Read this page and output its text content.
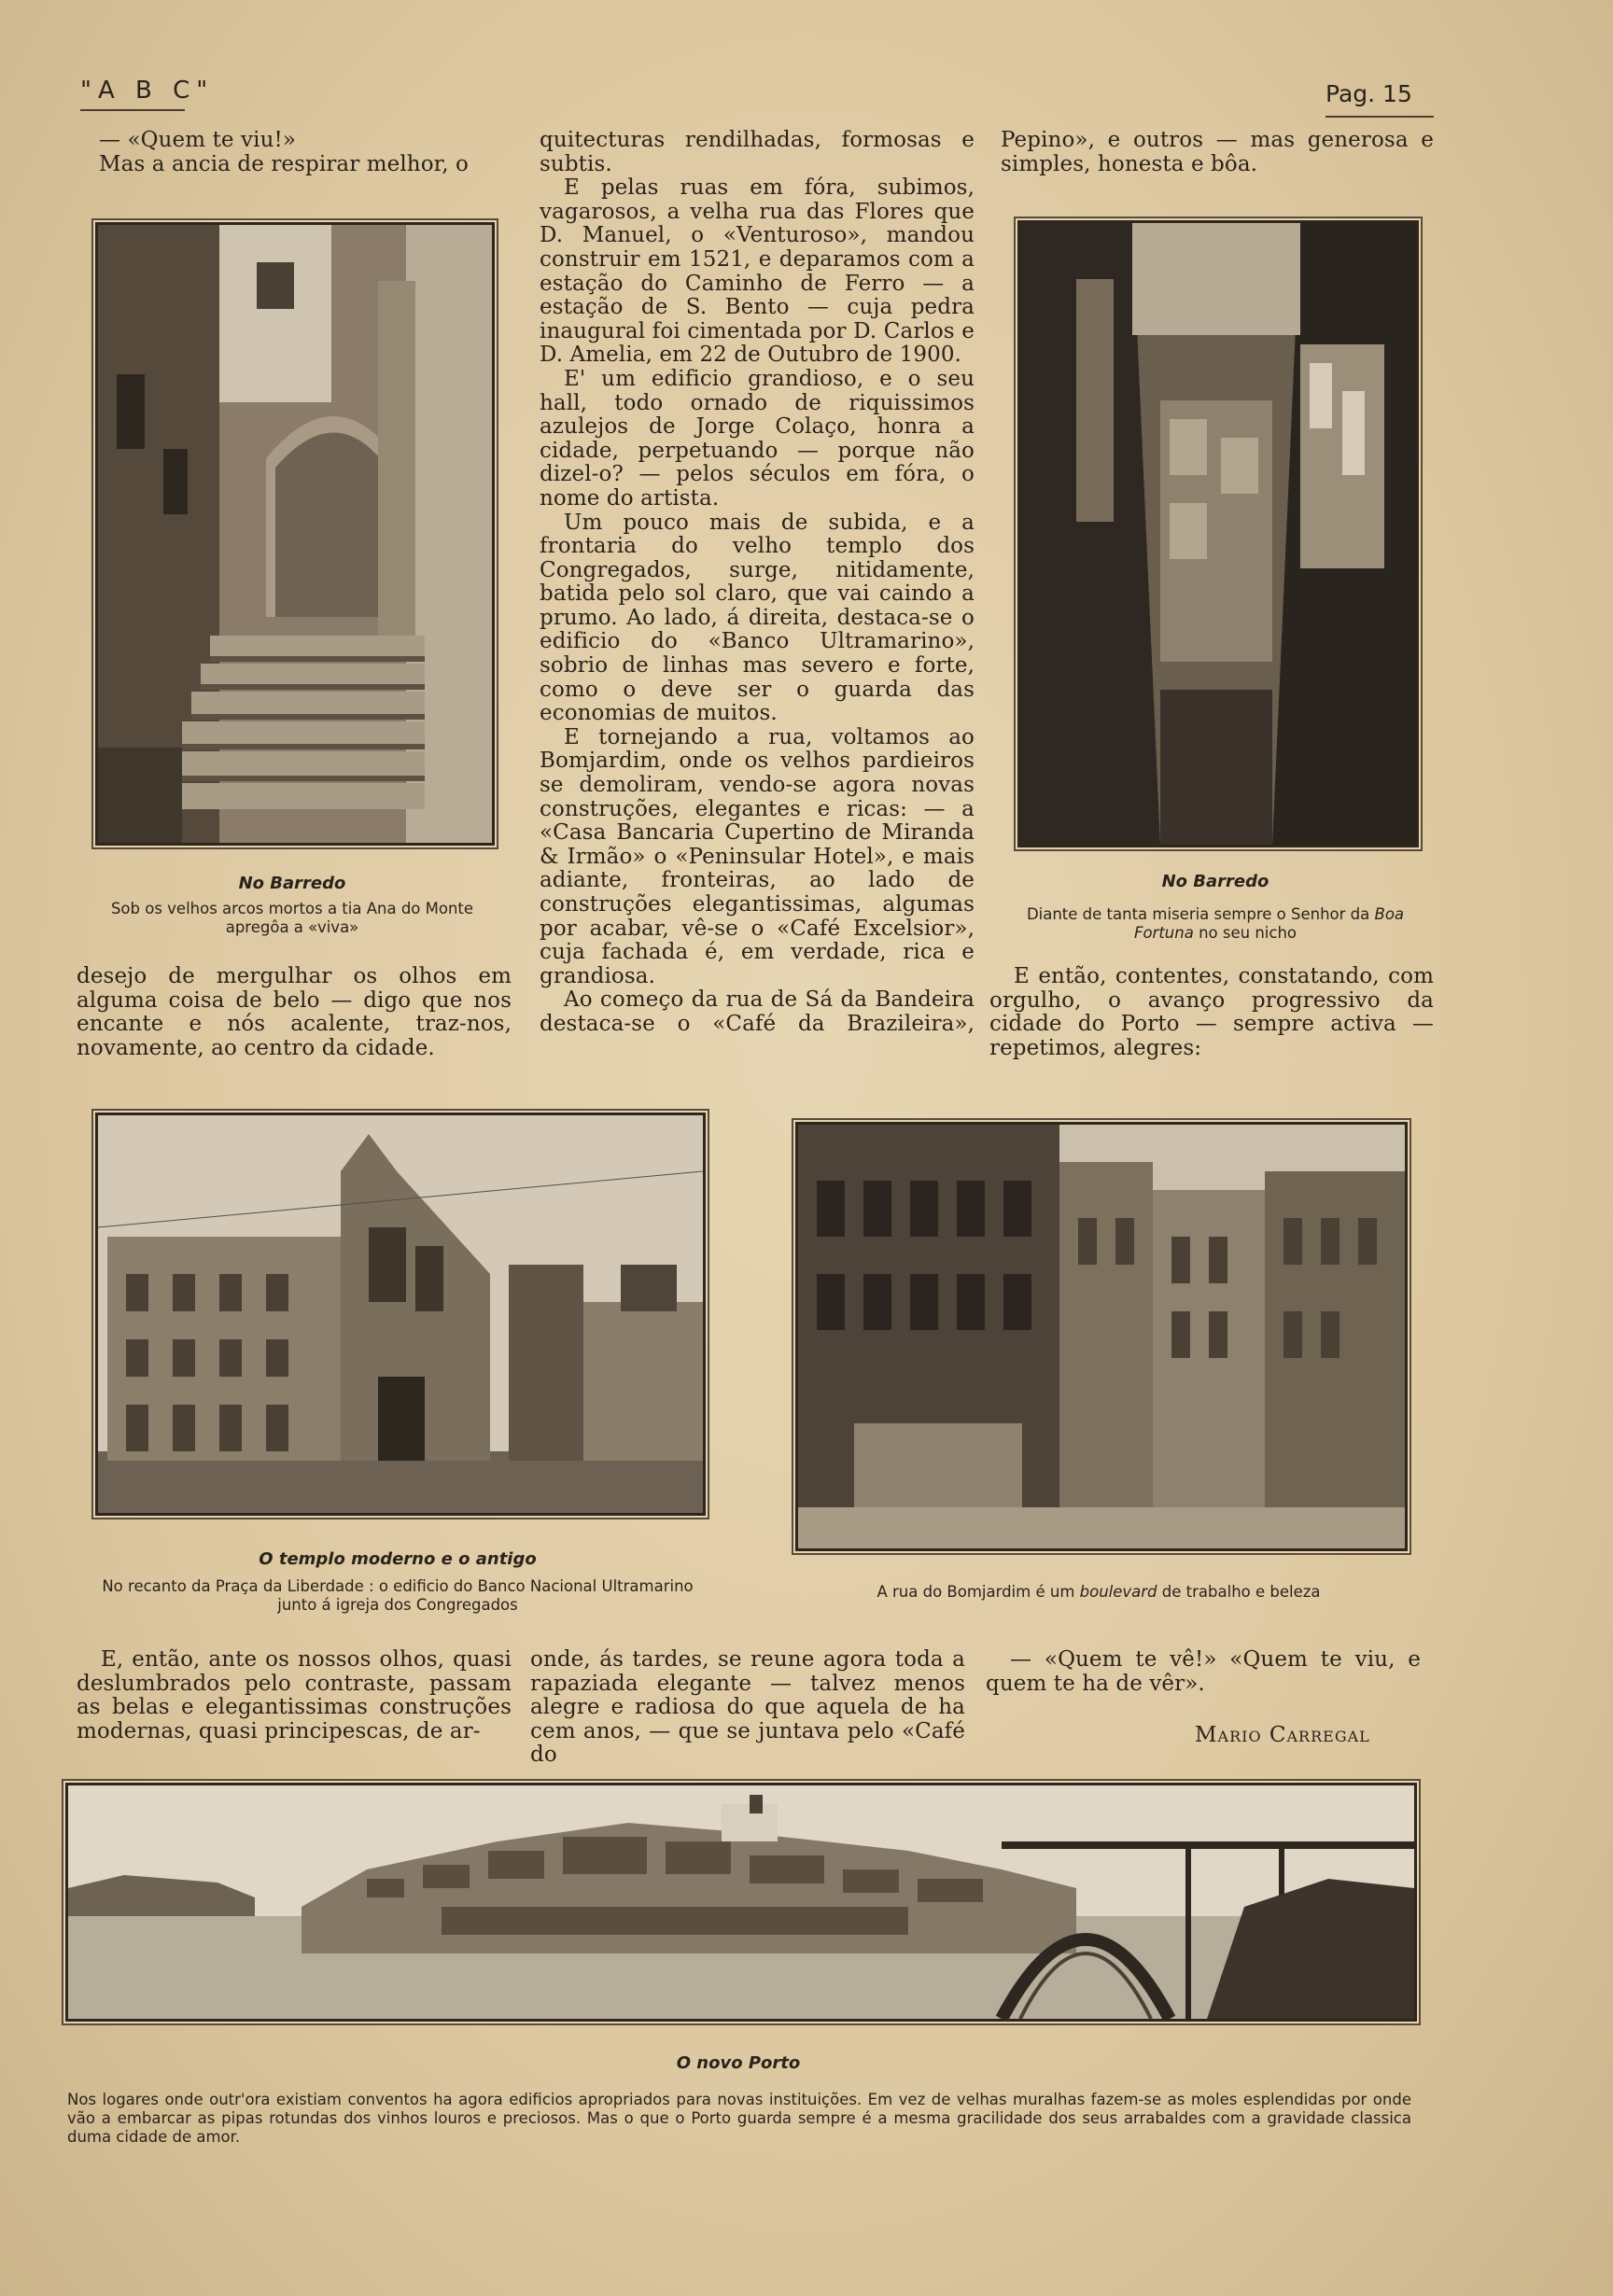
"A B C"	Pag. 15

— «Quem te viu!»

Mas a ancia de respirar melhor, o

No Barredo
Sob os velhos arcos mortos a tia Ana do Monte apregôa a «viva»

desejo de mergulhar os olhos em alguma coisa de belo — digo que nos encante e nós acalente, traz-nos, novamente, ao centro da cidade.

quitecturas rendilhadas, formosas e subtis.

E pelas ruas em fóra, subimos, vagarosos, a velha rua das Flores que D. Manuel, o «Venturoso», mandou construir em 1521, e deparamos com a estação do Caminho de Ferro — a estação de S. Bento — cuja pedra inaugural foi cimentada por D. Carlos e D. Amelia, em 22 de Outubro de 1900.

E' um edificio grandioso, e o seu hall, todo ornado de riquissimos azulejos de Jorge Colaço, honra a cidade, perpetuando — porque não dizel-o? — pelos séculos em fóra, o nome do artista.

Um pouco mais de subida, e a frontaria do velho templo dos Congregados, surge, nitidamente, batida pelo sol claro, que vai caindo a prumo. Ao lado, á direita, destaca-se o edificio do «Banco Ultramarino», sobrio de linhas mas severo e forte, como o deve ser o guarda das economias de muitos.

E tornejando a rua, voltamos ao Bomjardim, onde os velhos pardieiros se demoliram, vendo-se agora novas construções, elegantes e ricas: — a «Casa Bancaria Cupertino de Miranda & Irmão» o «Peninsular Hotel», e mais adiante, fronteiras, ao lado de construções elegantissimas, algumas por acabar, vê-se o «Café Excelsior», cuja fachada é, em verdade, rica e grandiosa.

Ao começo da rua de Sá da Bandeira destaca-se o «Café da Brazileira»,

Pepino», e outros — mas generosa e simples, honesta e bôa.

No Barredo
Diante de tanta miseria sempre o Senhor da Boa Fortuna no seu nicho

E então, contentes, constatando, com orgulho, o avanço progressivo da cidade do Porto — sempre activa — repetimos, alegres:

O templo moderno e o antigo
No recanto da Praça da Liberdade : o edificio do Banco Nacional Ultramarino junto á igreja dos Congregados
A rua do Bomjardim é um boulevard de trabalho e beleza

E, então, ante os nossos olhos, quasi deslumbrados pelo contraste, passam as belas e elegantissimas construções modernas, quasi principescas, de ar-

onde, ás tardes, se reune agora toda a rapaziada elegante — talvez menos alegre e radiosa do que aquela de ha cem anos, — que se juntava pelo «Café do

— «Quem te vê!» «Quem te viu, e quem te ha de vêr».

Mario Carregal
O novo Porto
Nos logares onde outr'ora existiam conventos ha agora edificios apropriados para novas instituições. Em vez de velhas muralhas fazem-se as moles esplendidas por onde vão a embarcar as pipas rotundas dos vinhos louros e preciosos. Mas o que o Porto guarda sempre é a mesma gracilidade dos seus arrabaldes com a gravidade classica duma cidade de amor.
